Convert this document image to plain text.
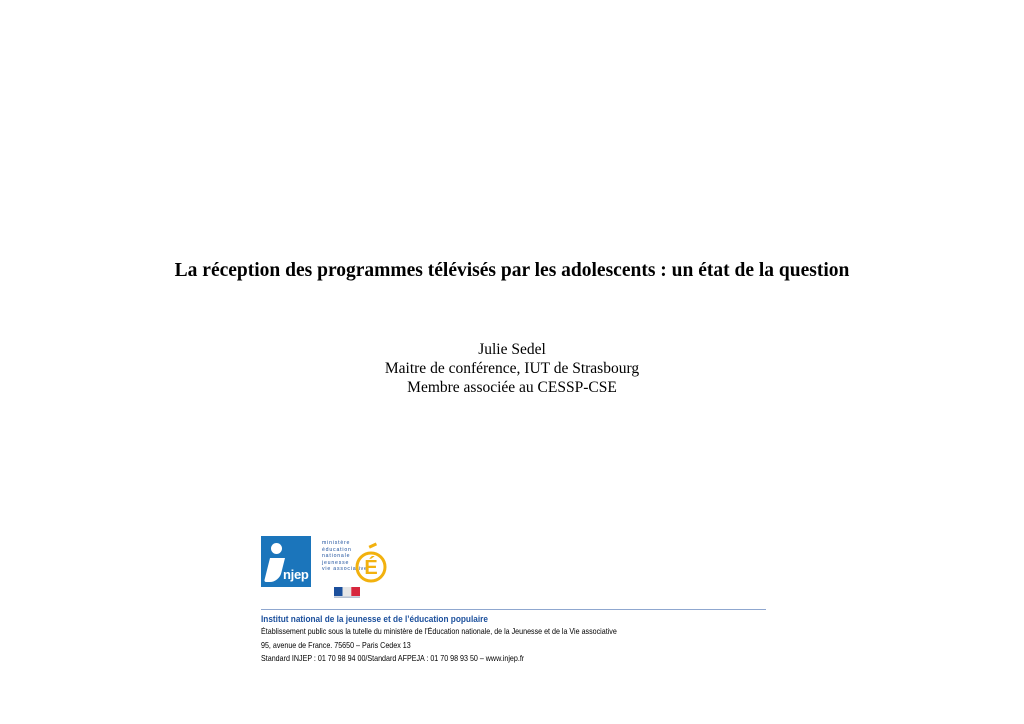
La réception des programmes télévisés par les adolescents : un état de la question
Julie Sedel
Maitre de conférence, IUT de Strasbourg
Membre associée au CESSP-CSE
njep
ministère
éducation
nationale
jeunesse
vie associative
É
Institut national de la jeunesse et de l’éducation populaire
Établissement public sous la tutelle du ministère de l’Éducation nationale, de la Jeunesse et de la Vie associative
95, avenue de France. 75650 – Paris Cedex 13
Standard INJEP : 01 70 98 94 00/Standard AFPEJA : 01 70 98 93 50 – www.injep.fr
